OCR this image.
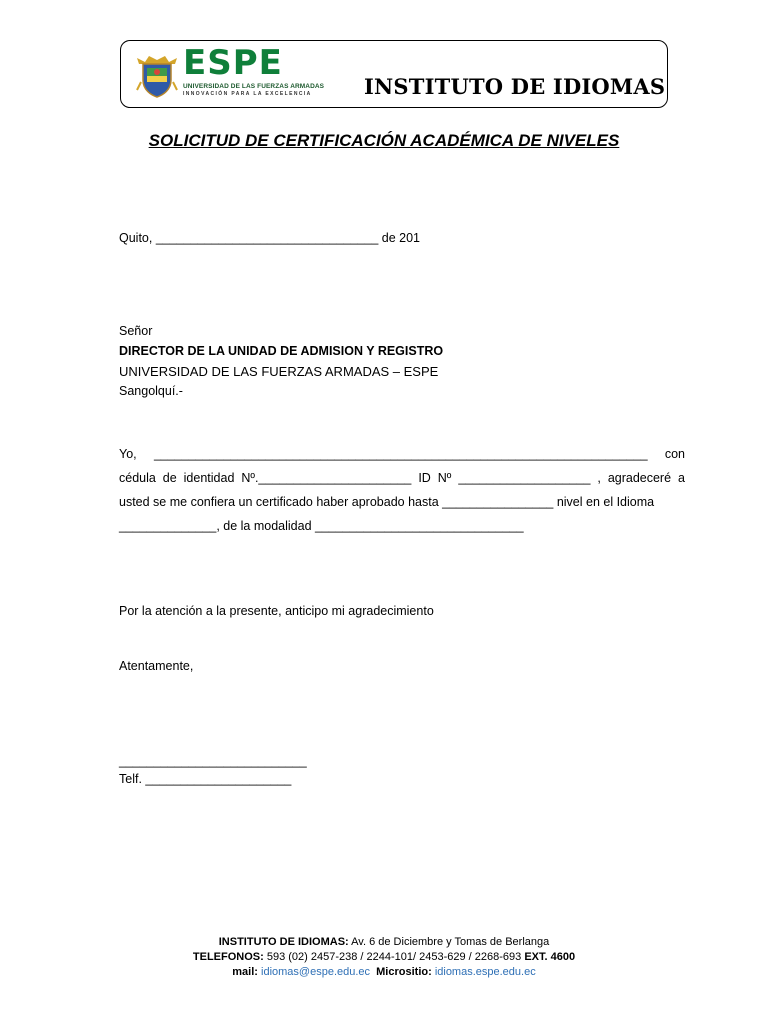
ESPE
UNIVERSIDAD DE LAS FUERZAS ARMADAS
INNOVACIÓN PARA LA EXCELENCIA INSTITUTO DE IDIOMAS
SOLICITUD DE CERTIFICACIÓN ACADÉMICA DE NIVELES
Quito, ________________________________ de 201
Señor
DIRECTOR DE LA UNIDAD DE ADMISION Y REGISTRO
UNIVERSIDAD DE LAS FUERZAS ARMADAS – ESPE
Sangolquí.-
Yo, _______________________________________________________________________ con
cédula de identidad Nº.______________________ ID Nº ___________________ , agradeceré a
usted se me confiera un certificado haber aprobado hasta ________________ nivel en el Idioma
______________, de la modalidad ______________________________
Por la atención a la presente, anticipo mi agradecimiento
Atentamente,
___________________________
Telf. _____________________
INSTITUTO DE IDIOMAS: Av. 6 de Diciembre y Tomas de Berlanga
TELEFONOS: 593 (02) 2457-238 / 2244-101/ 2453-629 / 2268-693 EXT. 4600
mail: idiomas@espe.edu.ec  Micrositio: idiomas.espe.edu.ec
